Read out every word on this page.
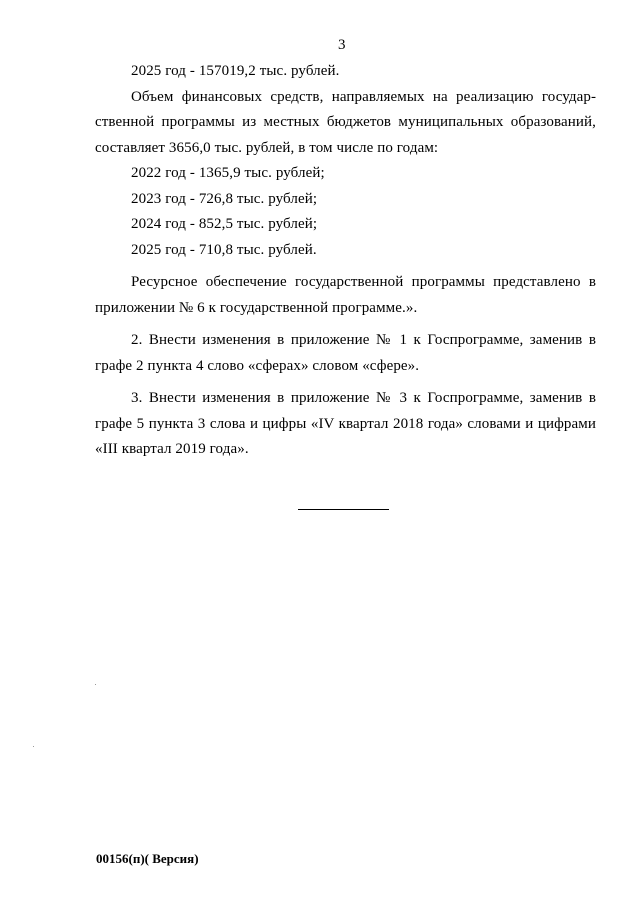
3

2025 год - 157019,2 тыс. рублей.

Объем финансовых средств, направляемых на реализацию государственной программы из местных бюджетов муниципальных образований, составляет 3656,0 тыс. рублей, в том числе по годам:

2022 год - 1365,9 тыс. рублей;

2023 год - 726,8 тыс. рублей;

2024 год - 852,5 тыс. рублей;

2025 год - 710,8 тыс. рублей.

Ресурсное обеспечение государственной программы представлено в приложении № 6 к государственной программе.».

2. Внести изменения в приложение № 1 к Госпрограмме, заменив в графе 2 пункта 4 слово «сферах» словом «сфере».

3. Внести изменения в приложение № 3 к Госпрограмме, заменив в графе 5 пункта 3 слова и цифры «IV квартал 2018 года» словами и цифрами «III квартал 2019 года».

00156(п)( Версия)
